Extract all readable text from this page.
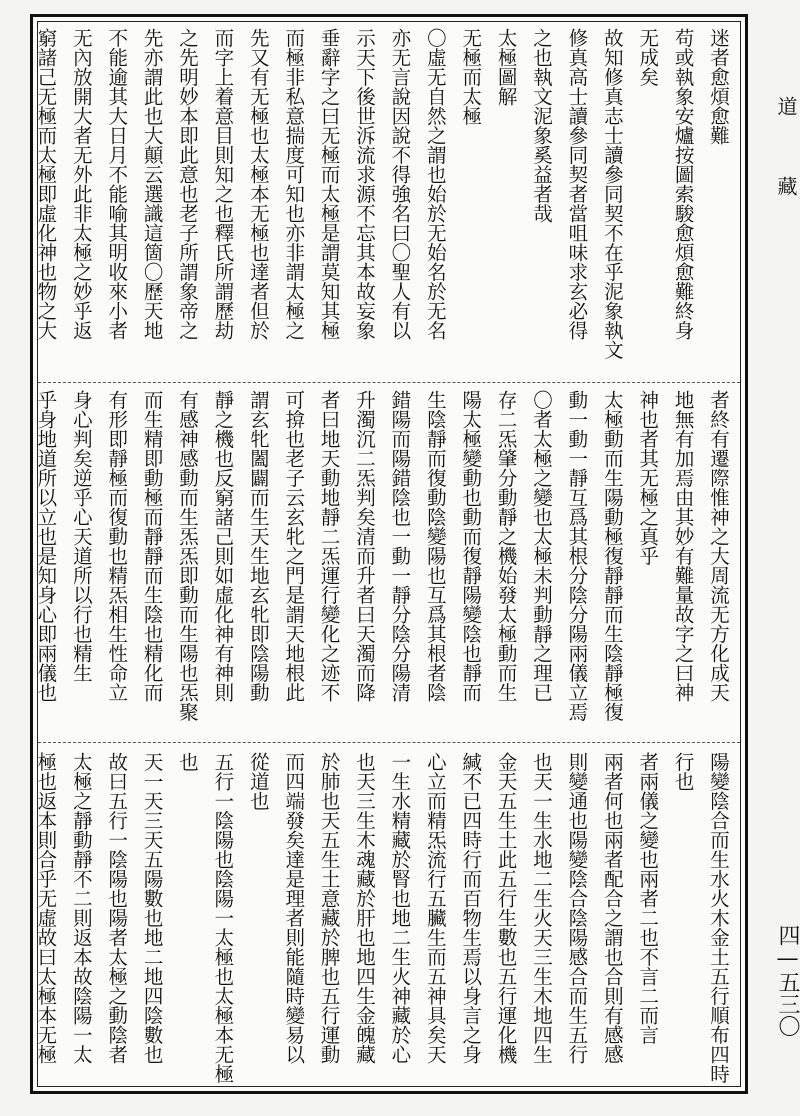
迷者愈煩愈難
苟或執象安爐按圖索駿愈煩愈難終身
无成矣
故知修真志士讀參同契不在乎泥象執文
修真高士讀參同契者當咀味求玄必得
之也執文泥象奚益者哉
太極圖解
无極而太極
〇虛无自然之謂也始於无始名於无名
亦无言說因說不得強名曰〇聖人有以
示天下後世泝流求源不忘其本故妄象
垂辭字之曰无極而太極是謂莫知其極
而極非私意揣度可知也亦非謂太極之
先又有无極也太極本无極也達者但於
而字上着意目則知之也釋氏所謂歷劫
之先明妙本即此意也老子所謂象帝之
先亦謂此也大顛云選識這箇〇歷天地
不能逾其大日月不能喻其明收來小者
无內放開大者无外此非太極之妙乎返
窮諸己无極而太極即虛化神也物之大
者終有遷際惟神之大周流无方化成天
地無有加焉由其妙有難量故字之曰神
神也者其无極之真乎
太極動而生陽動極復靜靜而生陰靜極復
動一動一靜互爲其根分陰分陽兩儀立焉
〇者太極之變也太極未判動靜之理已
存二炁肇分動靜之機始發太極動而生
陽太極變動也動而復靜陽變陰也靜而
生陰靜而復動陰變陽也互爲其根者陰
錯陽而陽錯陰也一動一靜分陰分陽清
升濁沉二炁判矣清而升者曰天濁而降
者曰地天動地靜二炁運行變化之迹不
可揜也老子云玄牝之門是謂天地根此
謂玄牝闔闢而生天生地玄牝即陰陽動
靜之機也反窮諸己則如虛化神有神則
有感神感動而生炁炁即動而生陽也炁聚
而生精即動極而靜靜而生陰也精化而
有形即靜極而復動也精炁相生性命立
身心判矣逆乎心天道所以行也精生
乎身地道所以立也是知身心即兩儀也
陽變陰合而生水火木金土五行順布四時
行也
者兩儀之變也兩者二也不言二而言
兩者何也兩者配合之謂也合則有感感
則變通也陽變陰合陰陽感合而生五行
也天一生水地二生火天三生木地四生
金天五生土此五行生數也五行運化機
緘不已四時行而百物生焉以身言之身
心立而精炁流行五臟生而五神具矣天
一生水精藏於腎也地二生火神藏於心
也天三生木魂藏於肝也地四生金魄藏
於肺也天五生土意藏於脾也五行運動
而四端發矣達是理者則能隨時變易以
從道也
五行一陰陽也陰陽一太極也太極本无極
也
天一天三天五陽數也地二地四陰數也
故曰五行一陰陽也陽者太極之動陰者
太極之靜動靜不二則返本故陰陽一太
極也返本則合乎无虛故曰太極本无極
道
藏
四—五三〇
